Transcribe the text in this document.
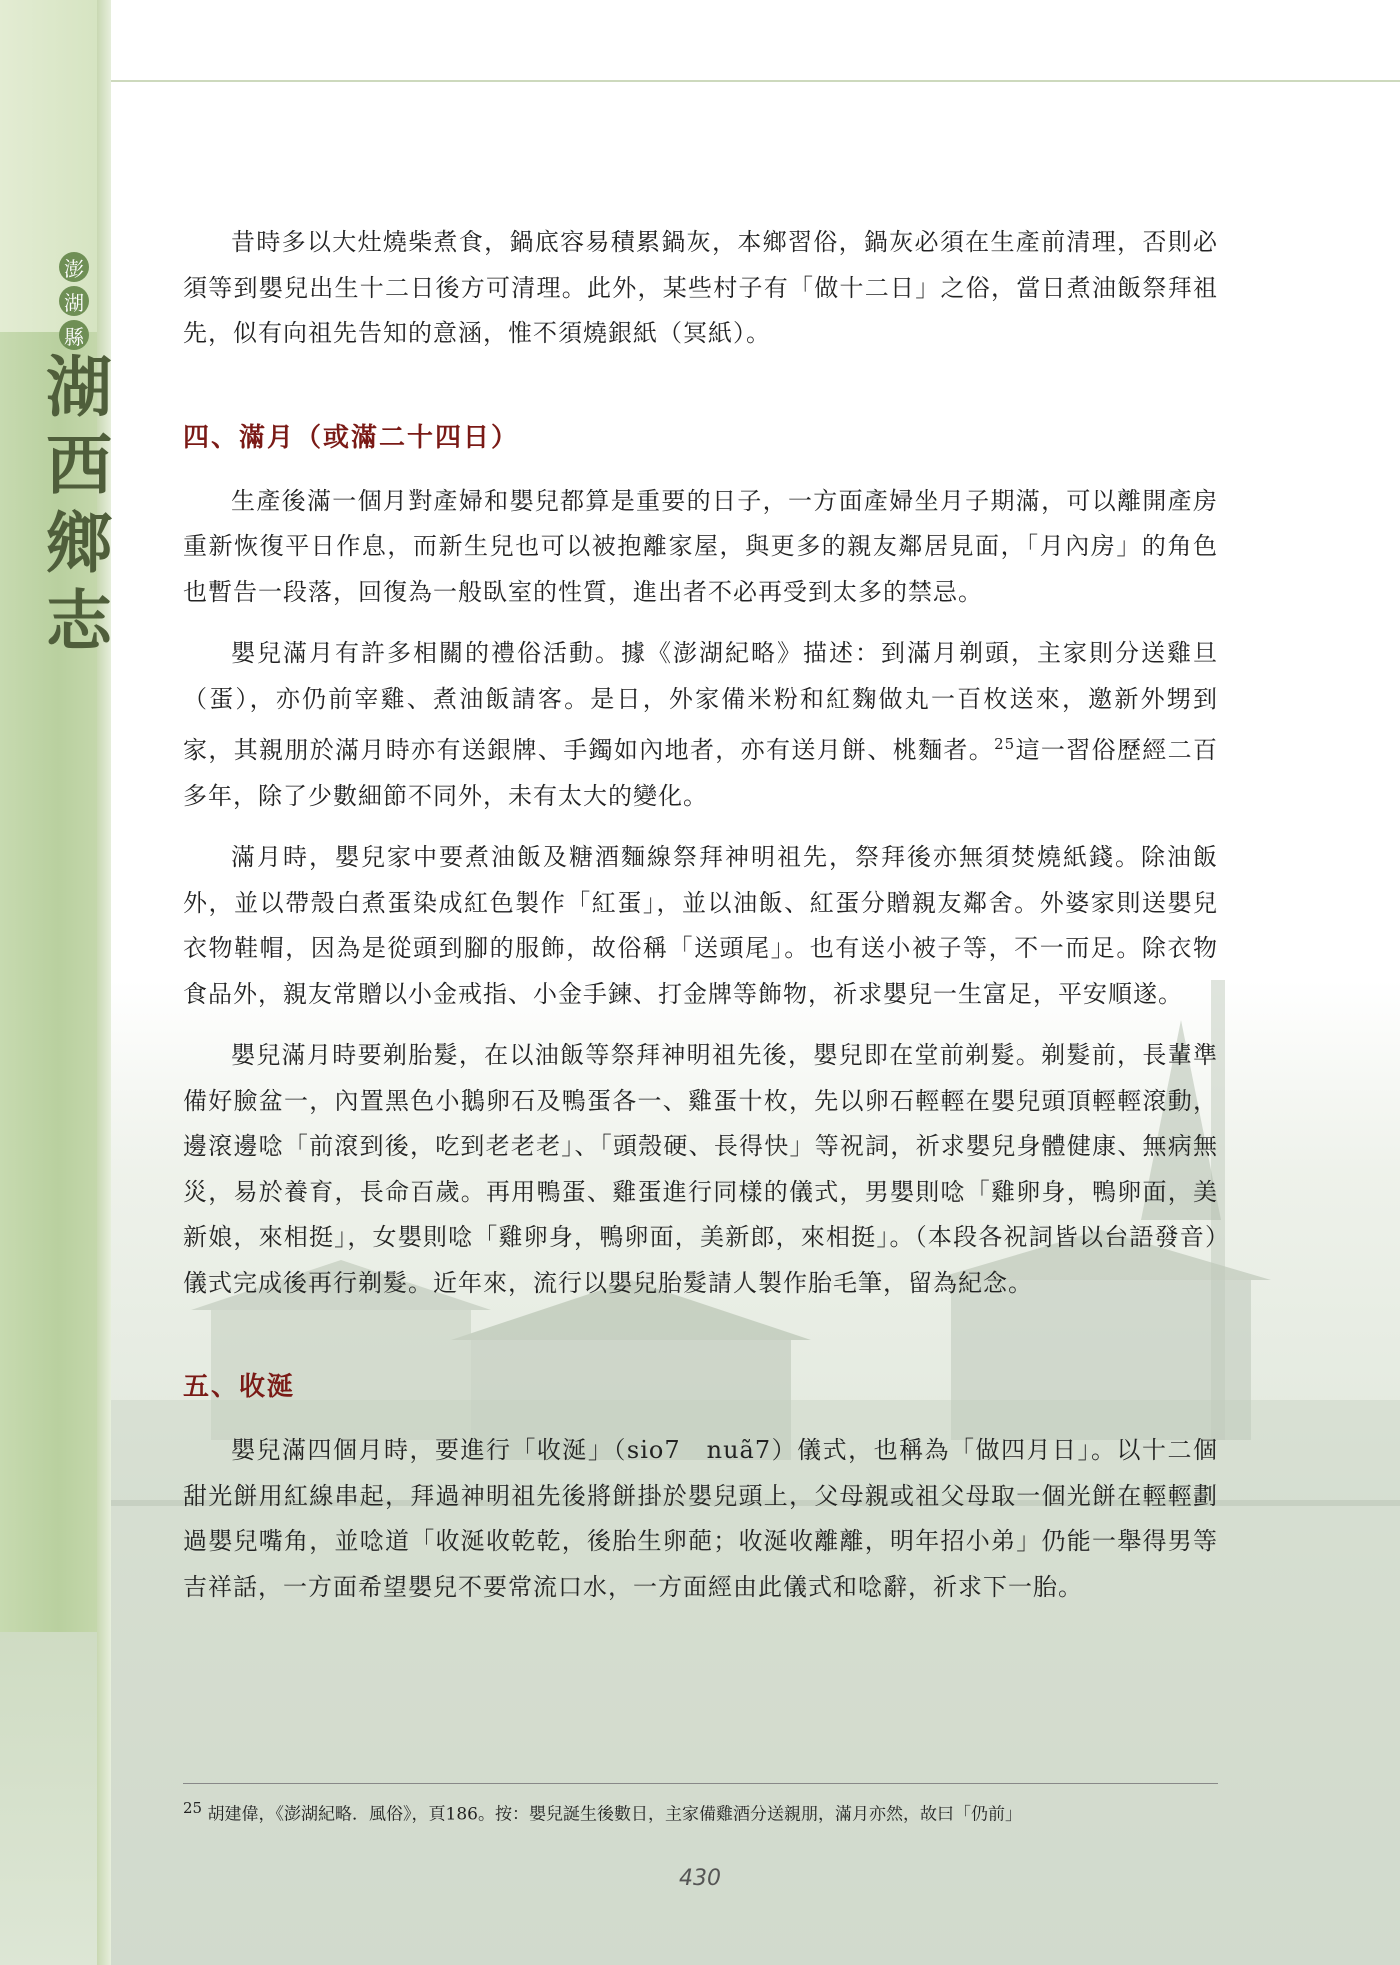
澎
湖
縣
湖
西
鄉
志

昔時多以大灶燒柴煮食，鍋底容易積累鍋灰，本鄉習俗，鍋灰必須在生產前清理，否則必須等到嬰兒出生十二日後方可清理。此外，某些村子有「做十二日」之俗，當日煮油飯祭拜祖先，似有向祖先告知的意涵，惟不須燒銀紙（冥紙）。

四、滿月（或滿二十四日）

生產後滿一個月對產婦和嬰兒都算是重要的日子，一方面產婦坐月子期滿，可以離開產房重新恢復平日作息，而新生兒也可以被抱離家屋，與更多的親友鄰居見面，「月內房」的角色也暫告一段落，回復為一般臥室的性質，進出者不必再受到太多的禁忌。

嬰兒滿月有許多相關的禮俗活動。據《澎湖紀略》描述：到滿月剃頭，主家則分送雞旦（蛋），亦仍前宰雞、煮油飯請客。是日，外家備米粉和紅麴做丸一百枚送來，邀新外甥到家，其親朋於滿月時亦有送銀牌、手鐲如內地者，亦有送月餅、桃麵者。$^{25}$這一習俗歷經二百多年，除了少數細節不同外，未有太大的變化。

滿月時，嬰兒家中要煮油飯及糖酒麵線祭拜神明祖先，祭拜後亦無須焚燒紙錢。除油飯外，並以帶殼白煮蛋染成紅色製作「紅蛋」，並以油飯、紅蛋分贈親友鄰舍。外婆家則送嬰兒衣物鞋帽，因為是從頭到腳的服飾，故俗稱「送頭尾」。也有送小被子等，不一而足。除衣物食品外，親友常贈以小金戒指、小金手鍊、打金牌等飾物，祈求嬰兒一生富足，平安順遂。

嬰兒滿月時要剃胎髮，在以油飯等祭拜神明祖先後，嬰兒即在堂前剃髮。剃髮前，長輩準備好臉盆一，內置黑色小鵝卵石及鴨蛋各一、雞蛋十枚，先以卵石輕輕在嬰兒頭頂輕輕滾動，邊滾邊唸「前滾到後，吃到老老老」、「頭殼硬、長得快」等祝詞，祈求嬰兒身體健康、無病無災，易於養育，長命百歲。再用鴨蛋、雞蛋進行同樣的儀式，男嬰則唸「雞卵身，鴨卵面，美新娘，來相挺」，女嬰則唸「雞卵身，鴨卵面，美新郎，來相挺」。（本段各祝詞皆以台語發音）儀式完成後再行剃髮。近年來，流行以嬰兒胎髮請人製作胎毛筆，留為紀念。

五、收涎

嬰兒滿四個月時，要進行「收涎」（sio7　nuã7）儀式，也稱為「做四月日」。以十二個甜光餅用紅線串起，拜過神明祖先後將餅掛於嬰兒頭上，父母親或祖父母取一個光餅在輕輕劃過嬰兒嘴角，並唸道「收涎收乾乾，後胎生卵葩；收涎收離離，明年招小弟」仍能一舉得男等吉祥話，一方面希望嬰兒不要常流口水，一方面經由此儀式和唸辭，祈求下一胎。

$^{25}$ 胡建偉，《澎湖紀略．風俗》，頁186。按：嬰兒誕生後數日，主家備雞酒分送親朋，滿月亦然，故曰「仍前」
430
